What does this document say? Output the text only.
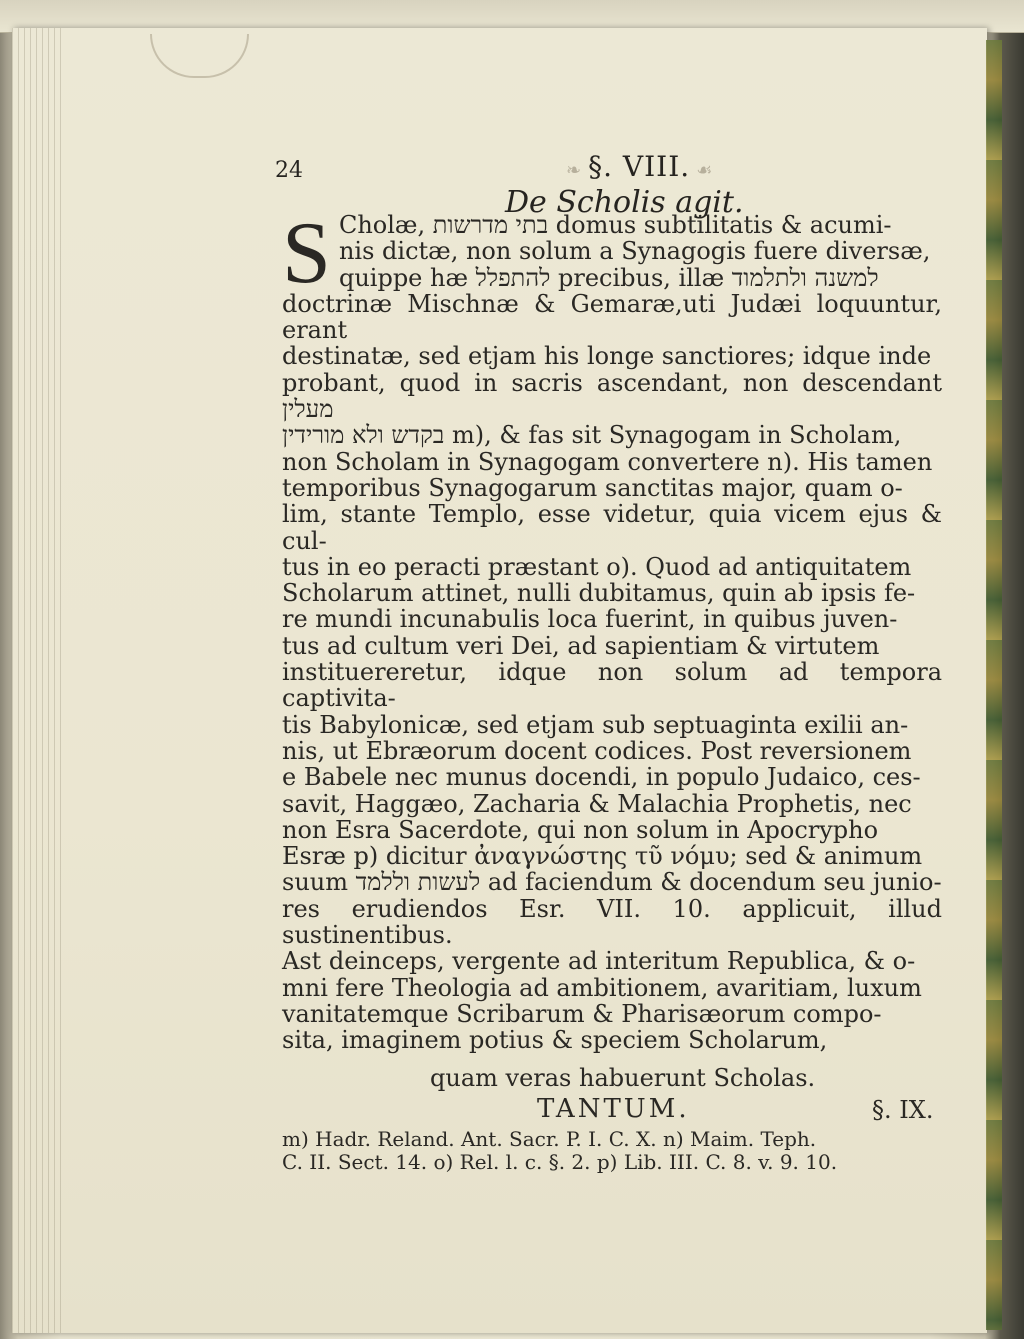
24	❧ §. VIII. ☙
De Scholis agit.
S Cholæ, בתי מדרשות domus subtilitatis & acumi-
nis dictæ, non solum a Synagogis fuere diversæ,
quippe hæ להתפלל precibus, illæ למשנה ולתלמוד
doctrinæ Mischnæ & Gemaræ,uti Judæi loquuntur, erant
destinatæ, sed etjam his longe sanctiores; idque inde
probant, quod in sacris ascendant, non descendant מעלין
בקדש ולא מורידין m), & fas sit Synagogam in Scholam,
non Scholam in Synagogam convertere n). His tamen
temporibus Synagogarum sanctitas major, quam o-
lim, stante Templo, esse videtur, quia vicem ejus & cul-
tus in eo peracti præstant o). Quod ad antiquitatem
Scholarum attinet, nulli dubitamus, quin ab ipsis fe-
re mundi incunabulis loca fuerint, in quibus juven-
tus ad cultum veri Dei, ad sapientiam & virtutem
instituereretur, idque non solum ad tempora captivita-
tis Babylonicæ, sed etjam sub septuaginta exilii an-
nis, ut Ebræorum docent codices. Post reversionem
e Babele nec munus docendi, in populo Judaico, ces-
savit, Haggæo, Zacharia & Malachia Prophetis, nec
non Esra Sacerdote, qui non solum in Apocrypho
Esræ p) dicitur ἀναγνώστης τῦ νόμυ; sed & animum
suum לעשות וללמד ad faciendum & docendum seu junio-
res erudiendos Esr. VII. 10. applicuit, illud sustinentibus.
Ast deinceps, vergente ad interitum Republica, & o-
mni fere Theologia ad ambitionem, avaritiam, luxum
vanitatemque Scribarum & Pharisæorum compo-
sita, imaginem potius & speciem Scholarum,
quam veras habuerunt Scholas.
TANTUM.	§. IX.
m) Hadr. Reland. Ant. Sacr. P. I. C. X. n) Maim. Teph.
C. II. Sect. 14. o) Rel. l. c. §. 2. p) Lib. III. C. 8. v. 9. 10.
